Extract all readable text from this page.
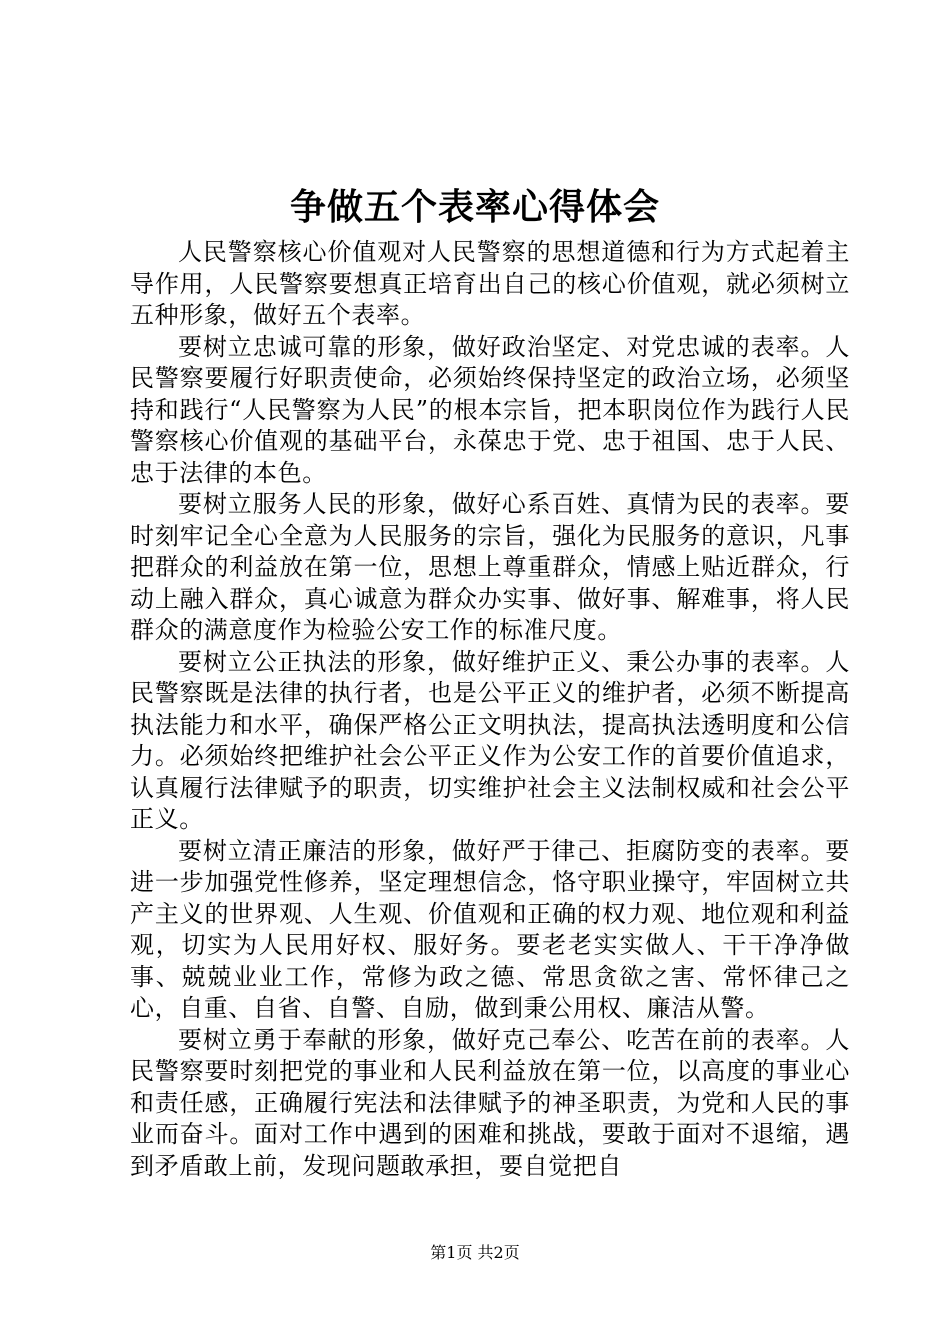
争做五个表率心得体会

人民警察核心价值观对人民警察的思想道德和行为方式起着主导作用，人民警察要想真正培育出自己的核心价值观，就必须树立五种形象，做好五个表率。

要树立忠诚可靠的形象，做好政治坚定、对党忠诚的表率。人民警察要履行好职责使命，必须始终保持坚定的政治立场，必须坚持和践行“人民警察为人民”的根本宗旨，把本职岗位作为践行人民警察核心价值观的基础平台，永葆忠于党、忠于祖国、忠于人民、忠于法律的本色。

要树立服务人民的形象，做好心系百姓、真情为民的表率。要时刻牢记全心全意为人民服务的宗旨，强化为民服务的意识，凡事把群众的利益放在第一位，思想上尊重群众，情感上贴近群众，行动上融入群众，真心诚意为群众办实事、做好事、解难事，将人民群众的满意度作为检验公安工作的标准尺度。

要树立公正执法的形象，做好维护正义、秉公办事的表率。人民警察既是法律的执行者，也是公平正义的维护者，必须不断提高执法能力和水平，确保严格公正文明执法，提高执法透明度和公信力。必须始终把维护社会公平正义作为公安工作的首要价值追求，认真履行法律赋予的职责，切实维护社会主义法制权威和社会公平正义。

要树立清正廉洁的形象，做好严于律己、拒腐防变的表率。要进一步加强党性修养，坚定理想信念，恪守职业操守，牢固树立共产主义的世界观、人生观、价值观和正确的权力观、地位观和利益观，切实为人民用好权、服好务。要老老实实做人、干干净净做事、兢兢业业工作，常修为政之德、常思贪欲之害、常怀律己之心，自重、自省、自警、自励，做到秉公用权、廉洁从警。

要树立勇于奉献的形象，做好克己奉公、吃苦在前的表率。人民警察要时刻把党的事业和人民利益放在第一位，以高度的事业心和责任感，正确履行宪法和法律赋予的神圣职责，为党和人民的事业而奋斗。面对工作中遇到的困难和挑战，要敢于面对不退缩，遇到矛盾敢上前，发现问题敢承担，要自觉把自

第1页 共2页
